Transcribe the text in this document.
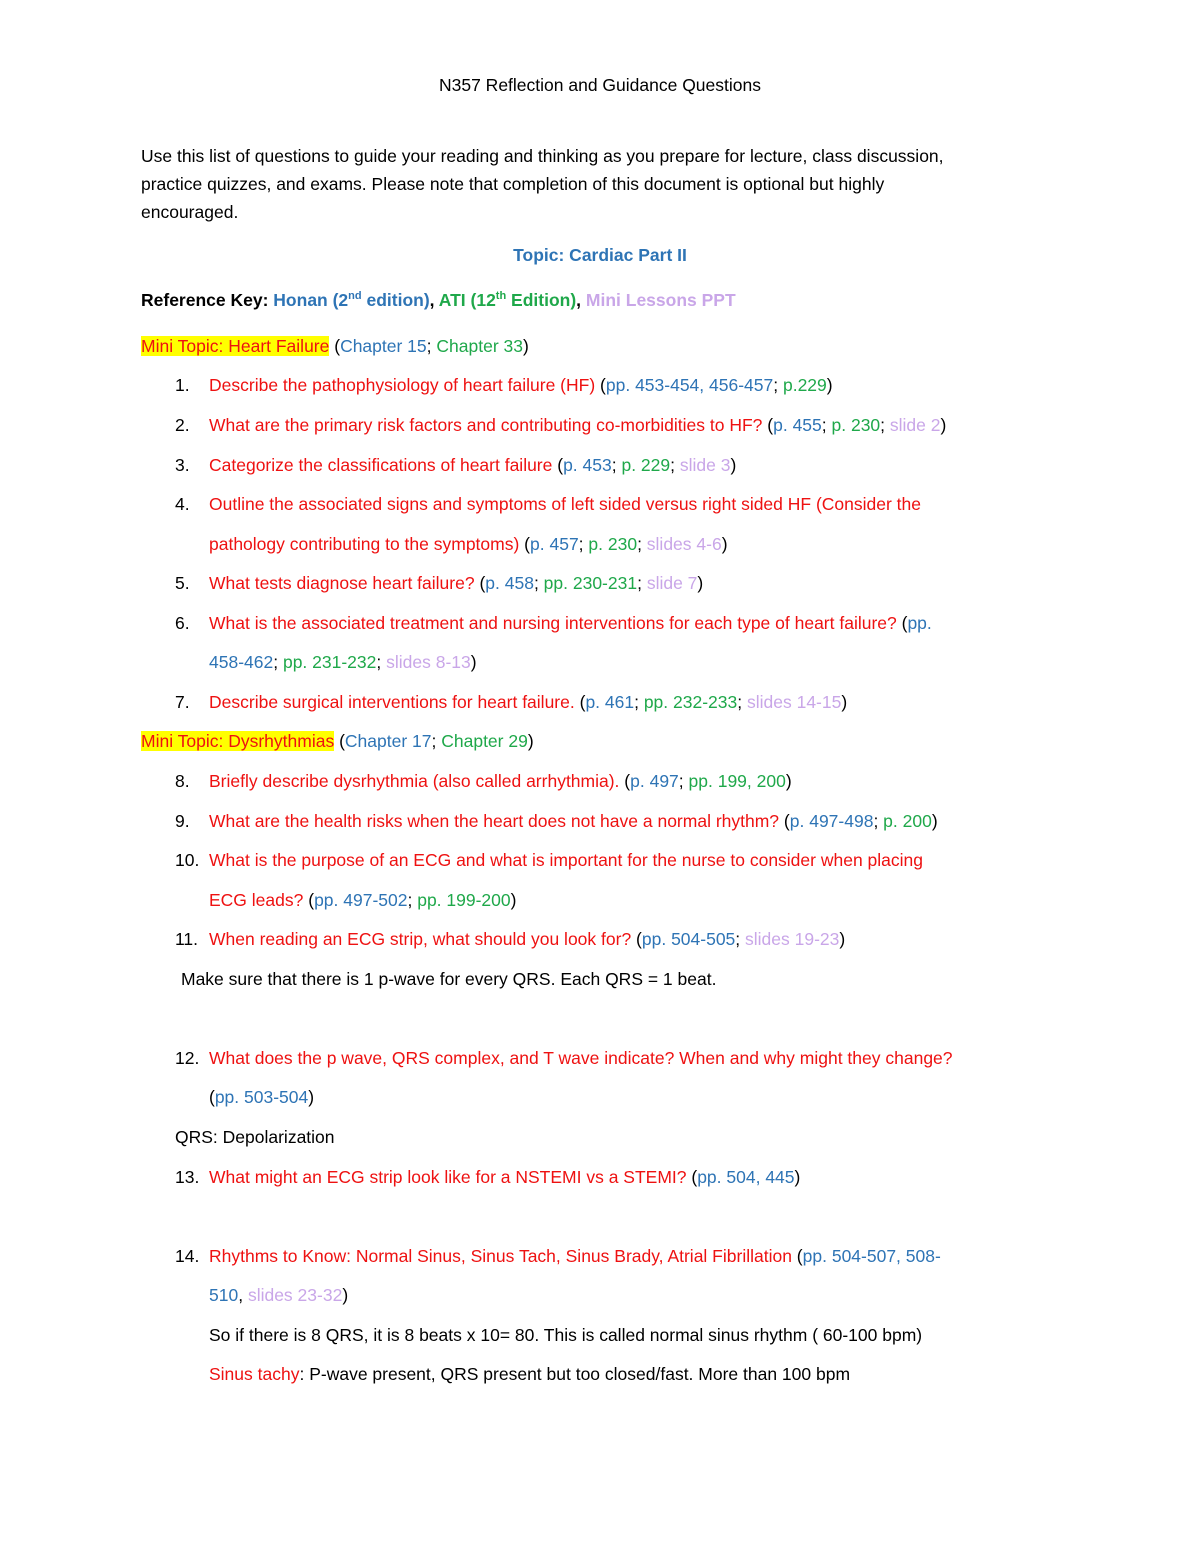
N357 Reflection and Guidance Questions
Use this list of questions to guide your reading and thinking as you prepare for lecture, class discussion,
practice quizzes, and exams. Please note that completion of this document is optional but highly
encouraged.
Topic: Cardiac Part II
Reference Key: Honan (2nd edition), ATI (12th Edition), Mini Lessons PPT
Mini Topic: Heart Failure (Chapter 15; Chapter 33)
1. Describe the pathophysiology of heart failure (HF) (pp. 453-454, 456-457; p.229)
2. What are the primary risk factors and contributing co-morbidities to HF? (p. 455; p. 230; slide 2)
3. Categorize the classifications of heart failure (p. 453; p. 229; slide 3)
4. Outline the associated signs and symptoms of left sided versus right sided HF (Consider the
pathology contributing to the symptoms) (p. 457; p. 230; slides 4-6)
5. What tests diagnose heart failure? (p. 458; pp. 230-231; slide 7)
6. What is the associated treatment and nursing interventions for each type of heart failure? (pp.
458-462; pp. 231-232; slides 8-13)
7. Describe surgical interventions for heart failure. (p. 461; pp. 232-233; slides 14-15)
Mini Topic: Dysrhythmias (Chapter 17; Chapter 29)
8. Briefly describe dysrhythmia (also called arrhythmia). (p. 497; pp. 199, 200)
9. What are the health risks when the heart does not have a normal rhythm? (p. 497-498; p. 200)
10. What is the purpose of an ECG and what is important for the nurse to consider when placing
ECG leads? (pp. 497-502; pp. 199-200)
11. When reading an ECG strip, what should you look for? (pp. 504-505; slides 19-23)
Make sure that there is 1 p-wave for every QRS. Each QRS = 1 beat.
12. What does the p wave, QRS complex, and T wave indicate? When and why might they change?
(pp. 503-504)
QRS: Depolarization
13. What might an ECG strip look like for a NSTEMI vs a STEMI? (pp. 504, 445)
14. Rhythms to Know: Normal Sinus, Sinus Tach, Sinus Brady, Atrial Fibrillation (pp. 504-507, 508-
510, slides 23-32)
So if there is 8 QRS, it is 8 beats x 10= 80. This is called normal sinus rhythm ( 60-100 bpm)
Sinus tachy: P-wave present, QRS present but too closed/fast. More than 100 bpm
